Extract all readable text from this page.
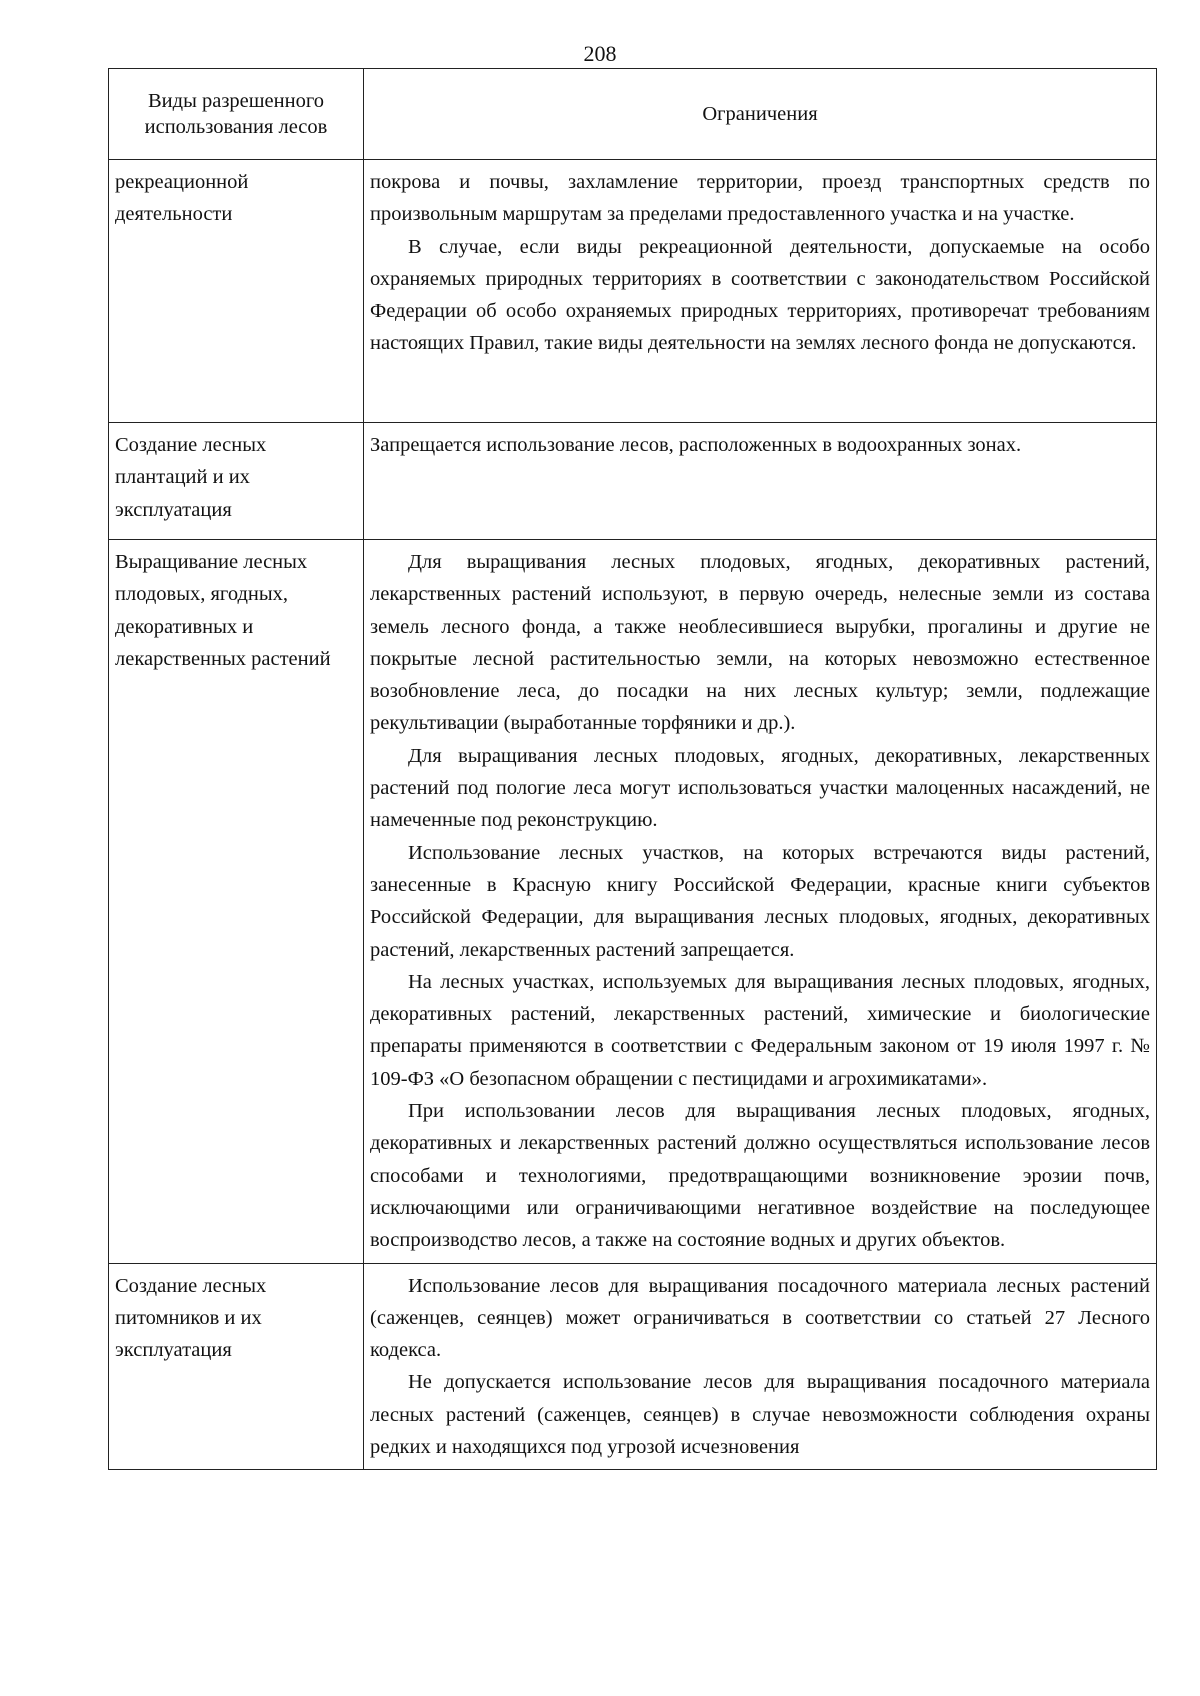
208
Виды разрешенного использования лесов	Ограничения
рекреационной деятельности	покрова и почвы, захламление территории, проезд транспортных средств по произвольным маршрутам за пределами предоставленного участка и на участке.

В случае, если виды рекреационной деятельности, допускаемые на особо охраняемых природных территориях в соответствии с законодательством Российской Федерации об особо охраняемых природных территориях, противоречат требованиям настоящих Правил, такие виды деятельности на землях лесного фонда не допускаются.

Создание лесных плантаций и их эксплуатация	Запрещается использование лесов, расположенных в водоохранных зонах.

Выращивание лесных плодовых, ягодных, декоративных и лекарственных растений	Для выращивания лесных плодовых, ягодных, декоративных растений, лекарственных растений используют, в первую очередь, нелесные земли из состава земель лесного фонда, а также необлесившиеся вырубки, прогалины и другие не покрытые лесной растительностью земли, на которых невозможно естественное возобновление леса, до посадки на них лесных культур; земли, подлежащие рекультивации (выработанные торфяники и др.).

Для выращивания лесных плодовых, ягодных, декоративных, лекарственных растений под пологие леса могут использоваться участки малоценных насаждений, не намеченные под реконструкцию.

Использование лесных участков, на которых встречаются виды растений, занесенные в Красную книгу Российской Федерации, красные книги субъектов Российской Федерации, для выращивания лесных плодовых, ягодных, декоративных растений, лекарственных растений запрещается.

На лесных участках, используемых для выращивания лесных плодовых, ягодных, декоративных растений, лекарственных растений, химические и биологические препараты применяются в соответствии с Федеральным законом от 19 июля 1997 г. № 109-ФЗ «О безопасном обращении с пестицидами и агрохимикатами».

При использовании лесов для выращивания лесных плодовых, ягодных, декоративных и лекарственных растений должно осуществляться использование лесов способами и технологиями, предотвращающими возникновение эрозии почв, исключающими или ограничивающими негативное воздействие на последующее воспроизводство лесов, а также на состояние водных и других объектов.

Создание лесных питомников и их эксплуатация	Использование лесов для выращивания посадочного материала лесных растений (саженцев, сеянцев) может ограничиваться в соответствии со статьей 27 Лесного кодекса.

Не допускается использование лесов для выращивания посадочного материала лесных растений (саженцев, сеянцев) в случае невозможности соблюдения охраны редких и находящихся под угрозой исчезновения
